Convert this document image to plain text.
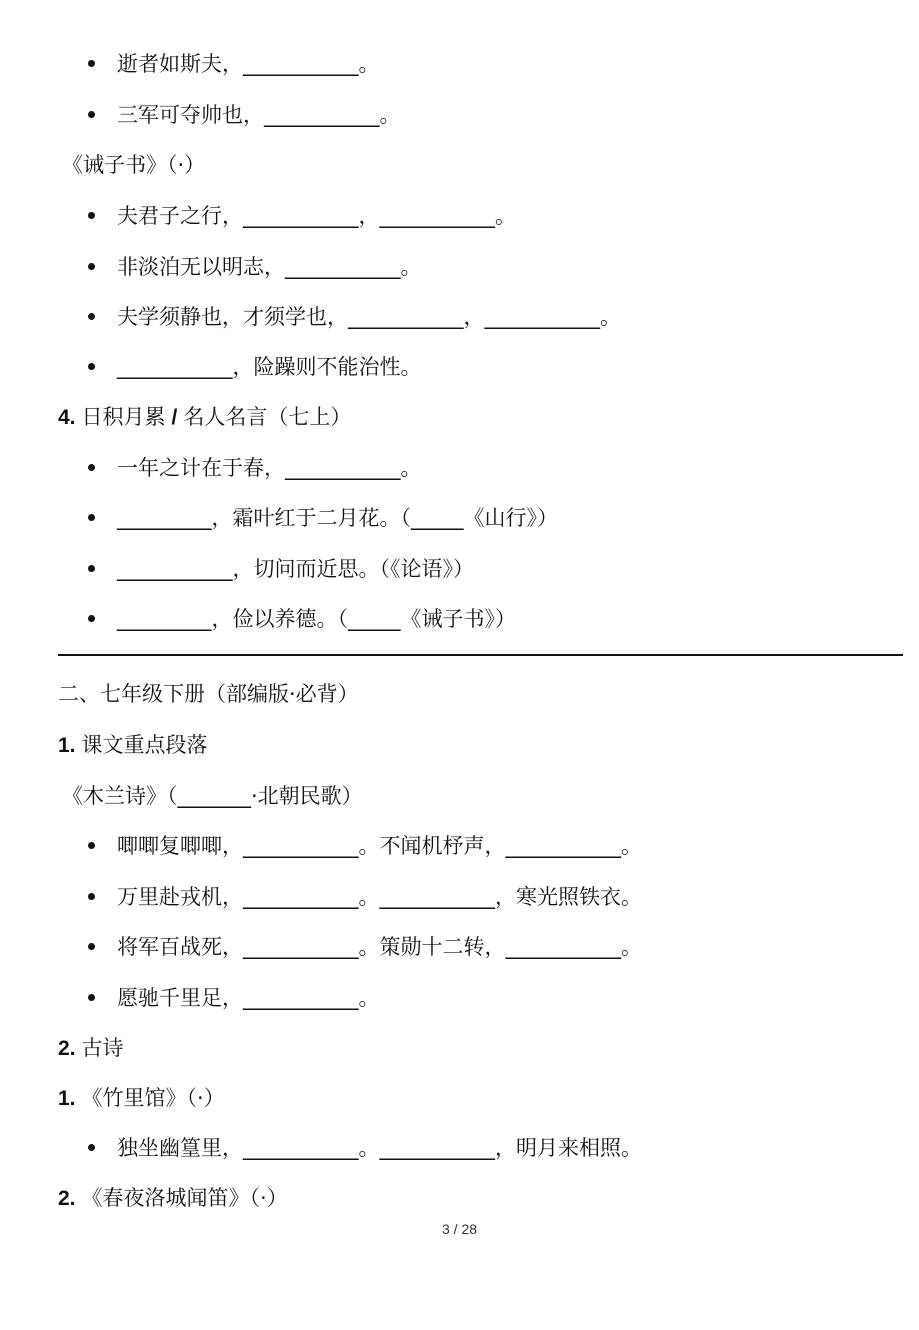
逝者如斯夫，___________。
三军可夺帅也，___________。
《诫子书》（·）
夫君子之行，___________，___________。
非淡泊无以明志，___________。
夫学须静也，才须学也，___________，___________。
___________，险躁则不能治性。
4. 日积月累 / 名人名言（七上）
一年之计在于春，___________。
_________，霜叶红于二月花。（_____《山行》）
___________，切问而近思。（《论语》）
_________，俭以养德。（_____《诫子书》）
二、七年级下册（部编版·必背）
1. 课文重点段落
《木兰诗》（_______·北朝民歌）
唧唧复唧唧，___________。不闻机杼声，___________。
万里赴戎机，___________。___________，寒光照铁衣。
将军百战死，___________。策勋十二转，___________。
愿驰千里足，___________。
2. 古诗
1. 《竹里馆》（·）
独坐幽篁里，___________。___________，明月来相照。
2. 《春夜洛城闻笛》（·）
3 / 28
